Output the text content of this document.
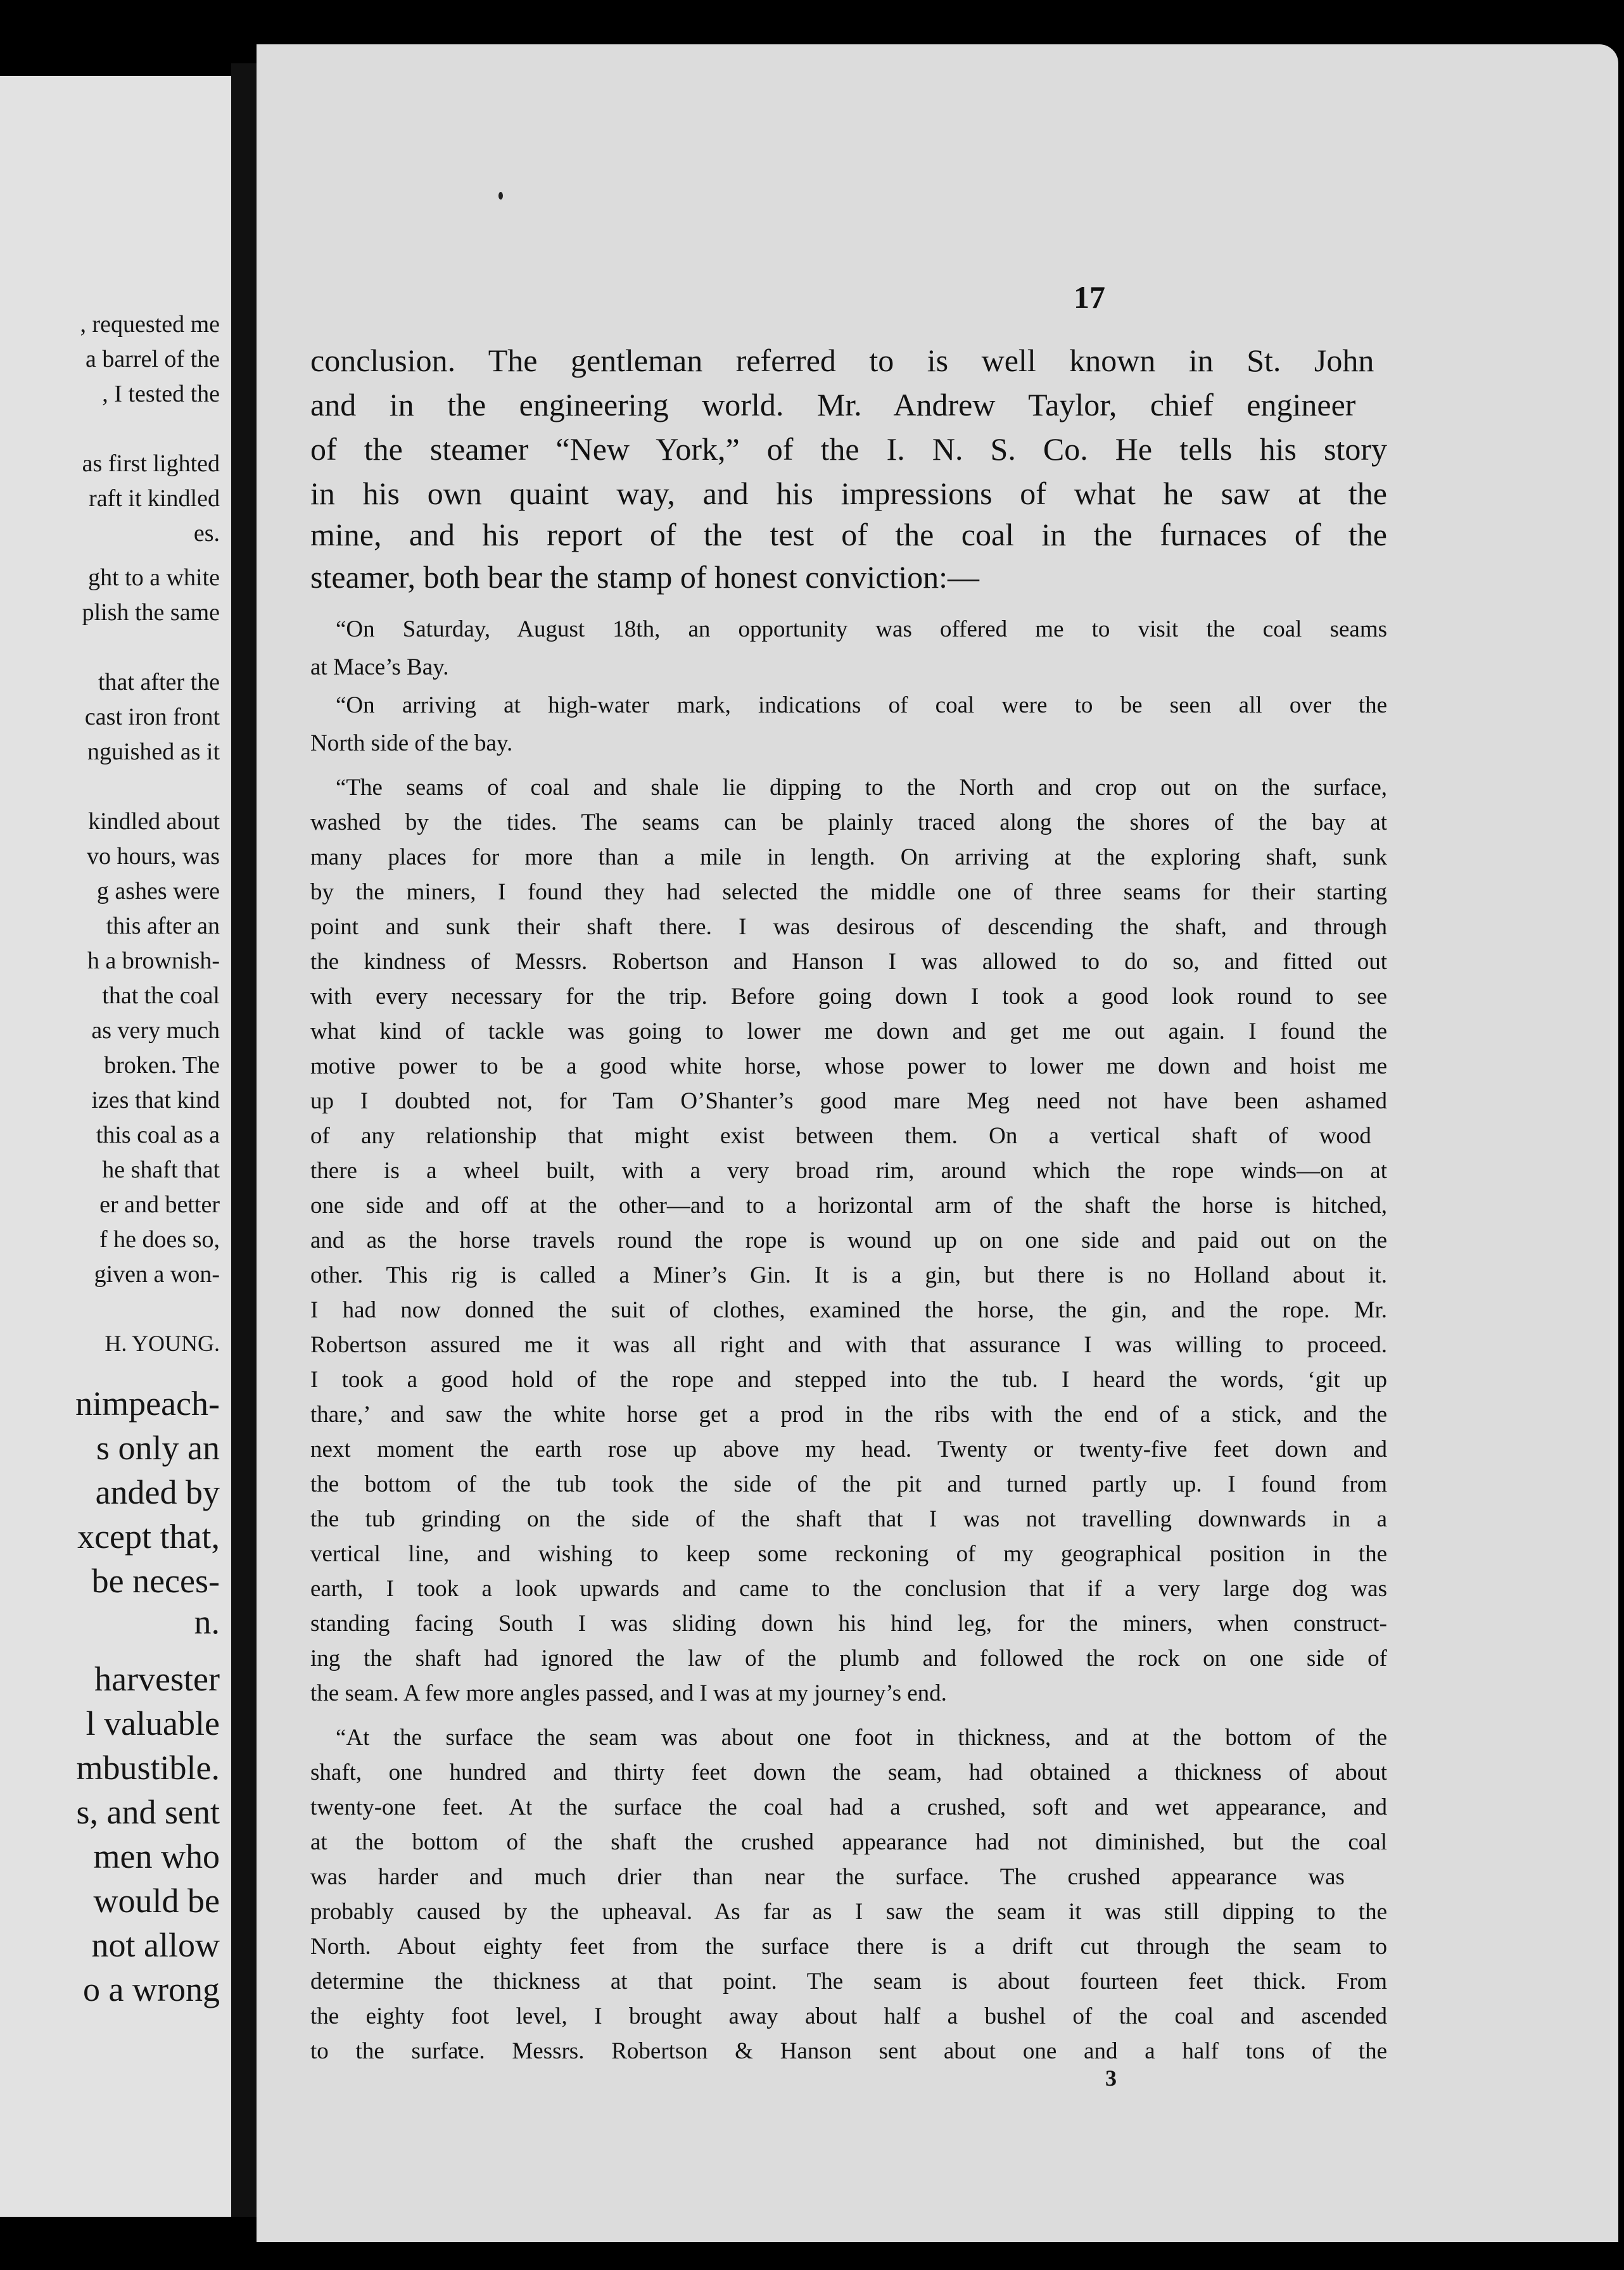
, requested me
a barrel of the
, I tested the
as first lighted
raft it kindled
es.
ght to a white
plish the same
that after the
cast iron front
nguished as it
kindled about
vo hours, was
g ashes were
this after an
h a brownish-
that the coal
as very much
broken. The
izes that kind
this coal as a
he shaft that
er and better
f he does so,
given a won-
H. YOUNG.
nimpeach-
s only an
anded by
xcept that,
be neces-
n.
harvester
l valuable
mbustible.
s, and sent
men who
would be
not allow
o a wrong
17
3
conclusion. The gentleman referred to is well known in St. John
and in the engineering world. Mr. Andrew Taylor, chief engineer
of the steamer “New York,” of the I. N. S. Co. He tells his story
in his own quaint way, and his impressions of what he saw at the
mine, and his report of the test of the coal in the furnaces of the
steamer, both bear the stamp of honest conviction:—
“On Saturday, August 18th, an opportunity was offered me to visit the coal seams
at Mace’s Bay.
“On arriving at high-water mark, indications of coal were to be seen all over the
North side of the bay.
“The seams of coal and shale lie dipping to the North and crop out on the surface,
washed by the tides. The seams can be plainly traced along the shores of the bay at
many places for more than a mile in length. On arriving at the exploring shaft, sunk
by the miners, I found they had selected the middle one of three seams for their starting
point and sunk their shaft there. I was desirous of descending the shaft, and through
the kindness of Messrs. Robertson and Hanson I was allowed to do so, and fitted out
with every necessary for the trip. Before going down I took a good look round to see
what kind of tackle was going to lower me down and get me out again. I found the
motive power to be a good white horse, whose power to lower me down and hoist me
up I doubted not, for Tam O’Shanter’s good mare Meg need not have been ashamed
of any relationship that might exist between them. On a vertical shaft of wood
there is a wheel built, with a very broad rim, around which the rope winds—on at
one side and off at the other—and to a horizontal arm of the shaft the horse is hitched,
and as the horse travels round the rope is wound up on one side and paid out on the
other. This rig is called a Miner’s Gin. It is a gin, but there is no Holland about it.
I had now donned the suit of clothes, examined the horse, the gin, and the rope. Mr.
Robertson assured me it was all right and with that assurance I was willing to proceed.
I took a good hold of the rope and stepped into the tub. I heard the words, ‘git up
thare,’ and saw the white horse get a prod in the ribs with the end of a stick, and the
next moment the earth rose up above my head. Twenty or twenty-five feet down and
the bottom of the tub took the side of the pit and turned partly up. I found from
the tub grinding on the side of the shaft that I was not travelling downwards in a
vertical line, and wishing to keep some reckoning of my geographical position in the
earth, I took a look upwards and came to the conclusion that if a very large dog was
standing facing South I was sliding down his hind leg, for the miners, when construct-
ing the shaft had ignored the law of the plumb and followed the rock on one side of
the seam. A few more angles passed, and I was at my journey’s end.
“At the surface the seam was about one foot in thickness, and at the bottom of the
shaft, one hundred and thirty feet down the seam, had obtained a thickness of about
twenty-one feet. At the surface the coal had a crushed, soft and wet appearance, and
at the bottom of the shaft the crushed appearance had not diminished, but the coal
was harder and much drier than near the surface. The crushed appearance was
probably caused by the upheaval. As far as I saw the seam it was still dipping to the
North. About eighty feet from the surface there is a drift cut through the seam to
determine the thickness at that point. The seam is about fourteen feet thick. From
the eighty foot level, I brought away about half a bushel of the coal and ascended
to the surface. Messrs. Robertson & Hanson sent about one and a half tons of the
